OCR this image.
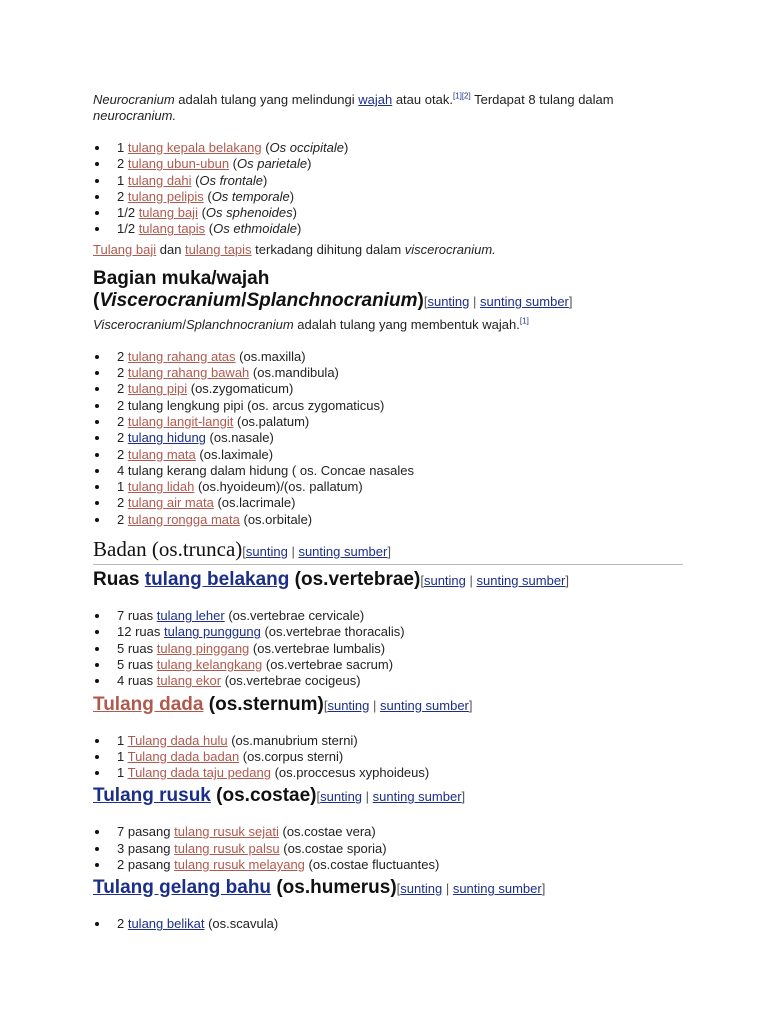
Neurocranium adalah tulang yang melindungi wajah atau otak.[1][2] Terdapat 8 tulang dalam neurocranium.

1 tulang kepala belakang (Os occipitale)
2 tulang ubun-ubun (Os parietale)
1 tulang dahi (Os frontale)
2 tulang pelipis (Os temporale)
1/2 tulang baji (Os sphenoides)
1/2 tulang tapis (Os ethmoidale)

Tulang baji dan tulang tapis terkadang dihitung dalam viscerocranium.

Bagian muka/wajah
(Viscerocranium/Splanchnocranium)[sunting | sunting sumber]

Viscerocranium/Splanchnocranium adalah tulang yang membentuk wajah.[1]

2 tulang rahang atas (os.maxilla)
2 tulang rahang bawah (os.mandibula)
2 tulang pipi (os.zygomaticum)
2 tulang lengkung pipi (os. arcus zygomaticus)
2 tulang langit-langit (os.palatum)
2 tulang hidung (os.nasale)
2 tulang mata (os.laximale)
4 tulang kerang dalam hidung ( os. Concae nasales
1 tulang lidah (os.hyoideum)/(os. pallatum)
2 tulang air mata (os.lacrimale)
2 tulang rongga mata (os.orbitale)
Badan (os.trunca)[sunting | sunting sumber]
Ruas tulang belakang (os.vertebrae)[sunting | sunting sumber]
7 ruas tulang leher (os.vertebrae cervicale)
12 ruas tulang punggung (os.vertebrae thoracalis)
5 ruas tulang pinggang (os.vertebrae lumbalis)
5 ruas tulang kelangkang (os.vertebrae sacrum)
4 ruas tulang ekor (os.vertebrae cocigeus)
Tulang dada (os.sternum)[sunting | sunting sumber]
1 Tulang dada hulu (os.manubrium sterni)
1 Tulang dada badan (os.corpus sterni)
1 Tulang dada taju pedang (os.proccesus xyphoideus)
Tulang rusuk (os.costae)[sunting | sunting sumber]
7 pasang tulang rusuk sejati (os.costae vera)
3 pasang tulang rusuk palsu (os.costae sporia)
2 pasang tulang rusuk melayang (os.costae fluctuantes)
Tulang gelang bahu (os.humerus)[sunting | sunting sumber]
2 tulang belikat (os.scavula)
